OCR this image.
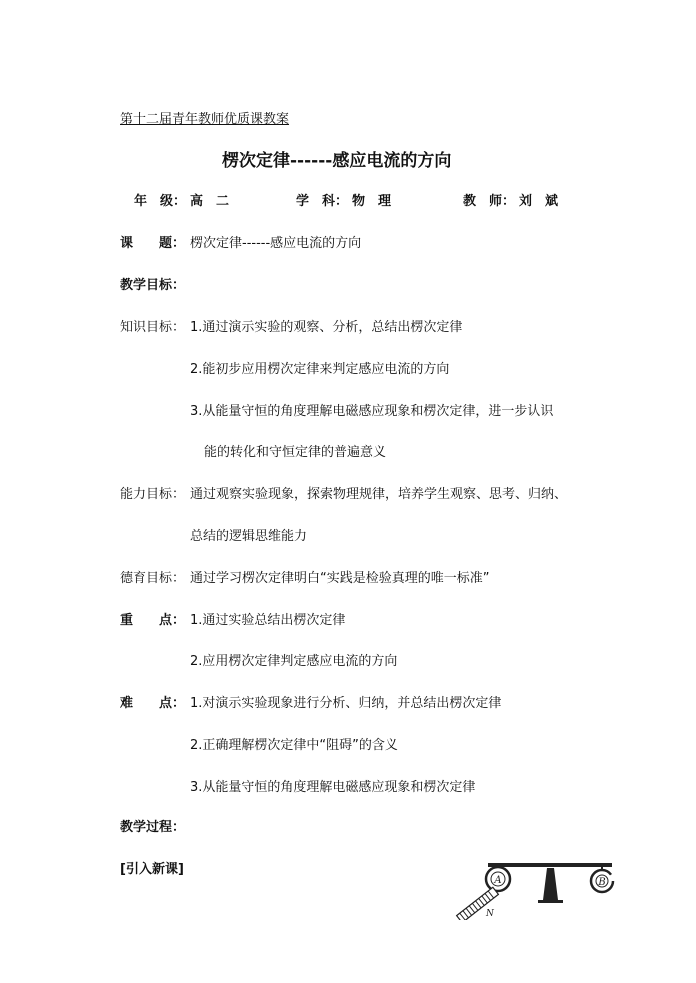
第十二届青年教师优质课教案
楞次定律------感应电流的方向
年　级： 高　二	学　科： 物　理	教　师： 刘　斌
课　　题： 楞次定律------感应电流的方向
教学目标：
知识目标： 1.通过演示实验的观察、分析，总结出楞次定律
2.能初步应用楞次定律来判定感应电流的方向
3.从能量守恒的角度理解电磁感应现象和楞次定律，进一步认识
能的转化和守恒定律的普遍意义
能力目标： 通过观察实验现象，探索物理规律，培养学生观察、思考、归纳、
总结的逻辑思维能力
德育目标： 通过学习楞次定律明白“实践是检验真理的唯一标准”
重　　点： 1.通过实验总结出楞次定律
2.应用楞次定律判定感应电流的方向
难　　点： 1.对演示实验现象进行分析、归纳，并总结出楞次定律
2.正确理解楞次定律中“阻碍”的含义
3.从能量守恒的角度理解电磁感应现象和楞次定律
教学过程：
[引入新课]
A	B
N
